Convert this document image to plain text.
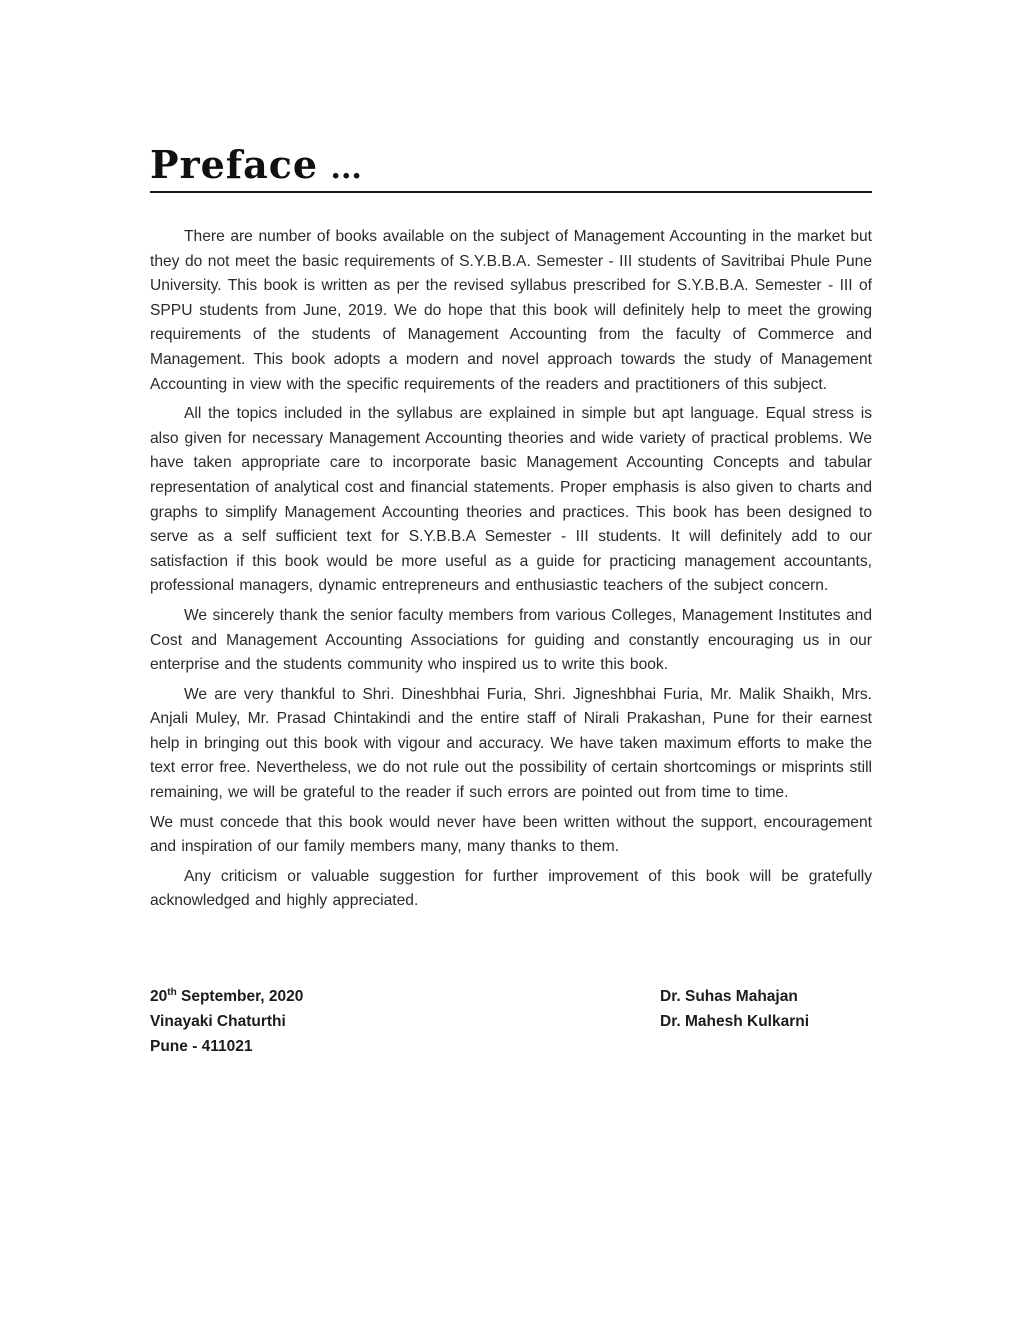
Preface ...

There are number of books available on the subject of Management Accounting in the market but they do not meet the basic requirements of S.Y.B.B.A. Semester - III students of Savitribai Phule Pune University. This book is written as per the revised syllabus prescribed for S.Y.B.B.A. Semester - III of SPPU students from June, 2019. We do hope that this book will definitely help to meet the growing requirements of the students of Management Accounting from the faculty of Commerce and Management. This book adopts a modern and novel approach towards the study of Management Accounting in view with the specific requirements of the readers and practitioners of this subject.

All the topics included in the syllabus are explained in simple but apt language. Equal stress is also given for necessary Management Accounting theories and wide variety of practical problems. We have taken appropriate care to incorporate basic Management Accounting Concepts and tabular representation of analytical cost and financial statements. Proper emphasis is also given to charts and graphs to simplify Management Accounting theories and practices. This book has been designed to serve as a self sufficient text for S.Y.B.B.A Semester - III students. It will definitely add to our satisfaction if this book would be more useful as a guide for practicing management accountants, professional managers, dynamic entrepreneurs and enthusiastic teachers of the subject concern.

We sincerely thank the senior faculty members from various Colleges, Management Institutes and Cost and Management Accounting Associations for guiding and constantly encouraging us in our enterprise and the students community who inspired us to write this book.

We are very thankful to Shri. Dineshbhai Furia, Shri. Jigneshbhai Furia, Mr. Malik Shaikh, Mrs. Anjali Muley, Mr. Prasad Chintakindi and the entire staff of Nirali Prakashan, Pune for their earnest help in bringing out this book with vigour and accuracy. We have taken maximum efforts to make the text error free. Nevertheless, we do not rule out the possibility of certain shortcomings or misprints still remaining, we will be grateful to the reader if such errors are pointed out from time to time.

We must concede that this book would never have been written without the support, encouragement and inspiration of our family members many, many thanks to them.

Any criticism or valuable suggestion for further improvement of this book will be gratefully acknowledged and highly appreciated.

20th September, 2020
Vinayaki Chaturthi
Pune - 411021
Dr. Suhas Mahajan
Dr. Mahesh Kulkarni
